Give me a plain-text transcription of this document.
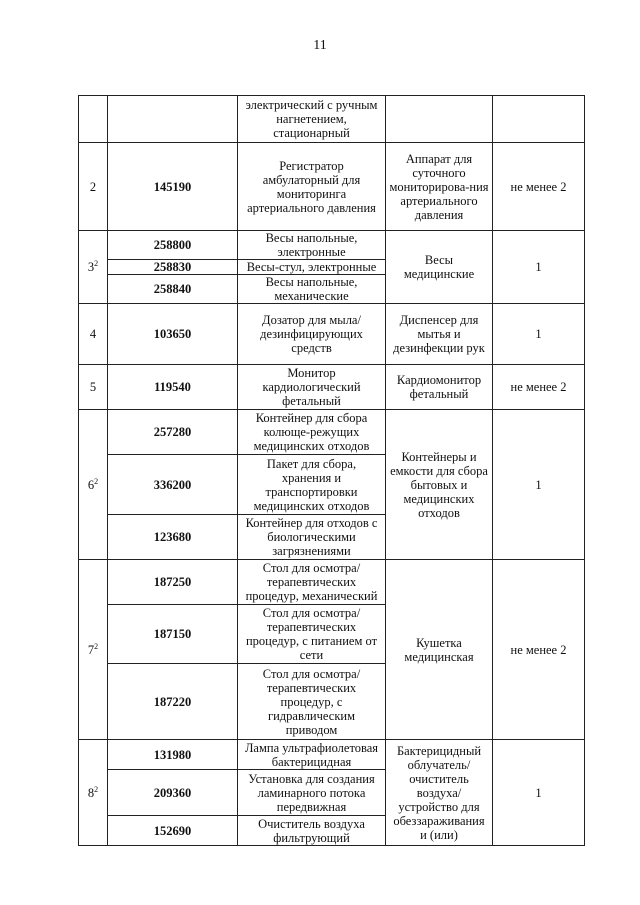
11
		электрический с ручным нагнетением, стационарный		
2	145190	Регистратор амбулаторный для мониторинга артериального давления	Аппарат для суточного мониторирова-ния артериального давления	не менее 2
$3^2$	258800	Весы напольные, электронные	Весы медицинские	1
	258830	Весы-стул, электронные		
	258840	Весы напольные, механические		
4	103650	Дозатор для мыла/ дезинфицирующих средств	Диспенсер для мытья и дезинфекции рук	1
5	119540	Монитор кардиологический фетальный	Кардиомонитор фетальный	не менее 2
$6^2$	257280	Контейнер для сбора колюще-режущих медицинских отходов	Контейнеры и емкости для сбора бытовых и медицинских отходов	1
	336200	Пакет для сбора, хранения и транспортировки медицинских отходов		
	123680	Контейнер для отходов с биологическими загрязнениями		
$7^2$	187250	Стол для осмотра/терапевтических процедур, механический	Кушетка медицинская	не менее 2
	187150	Стол для осмотра/терапевтических процедур, с питанием от сети		
	187220	Стол для осмотра/терапевтических процедур, с гидравлическим приводом		
$8^2$	131980	Лампа ультрафиолетовая бактерицидная	Бактерицидный облучатель/ очиститель воздуха/ устройство для обеззараживания и (или)	1
	209360	Установка для создания ламинарного потока передвижная		
	152690	Очиститель воздуха фильтрующий		
